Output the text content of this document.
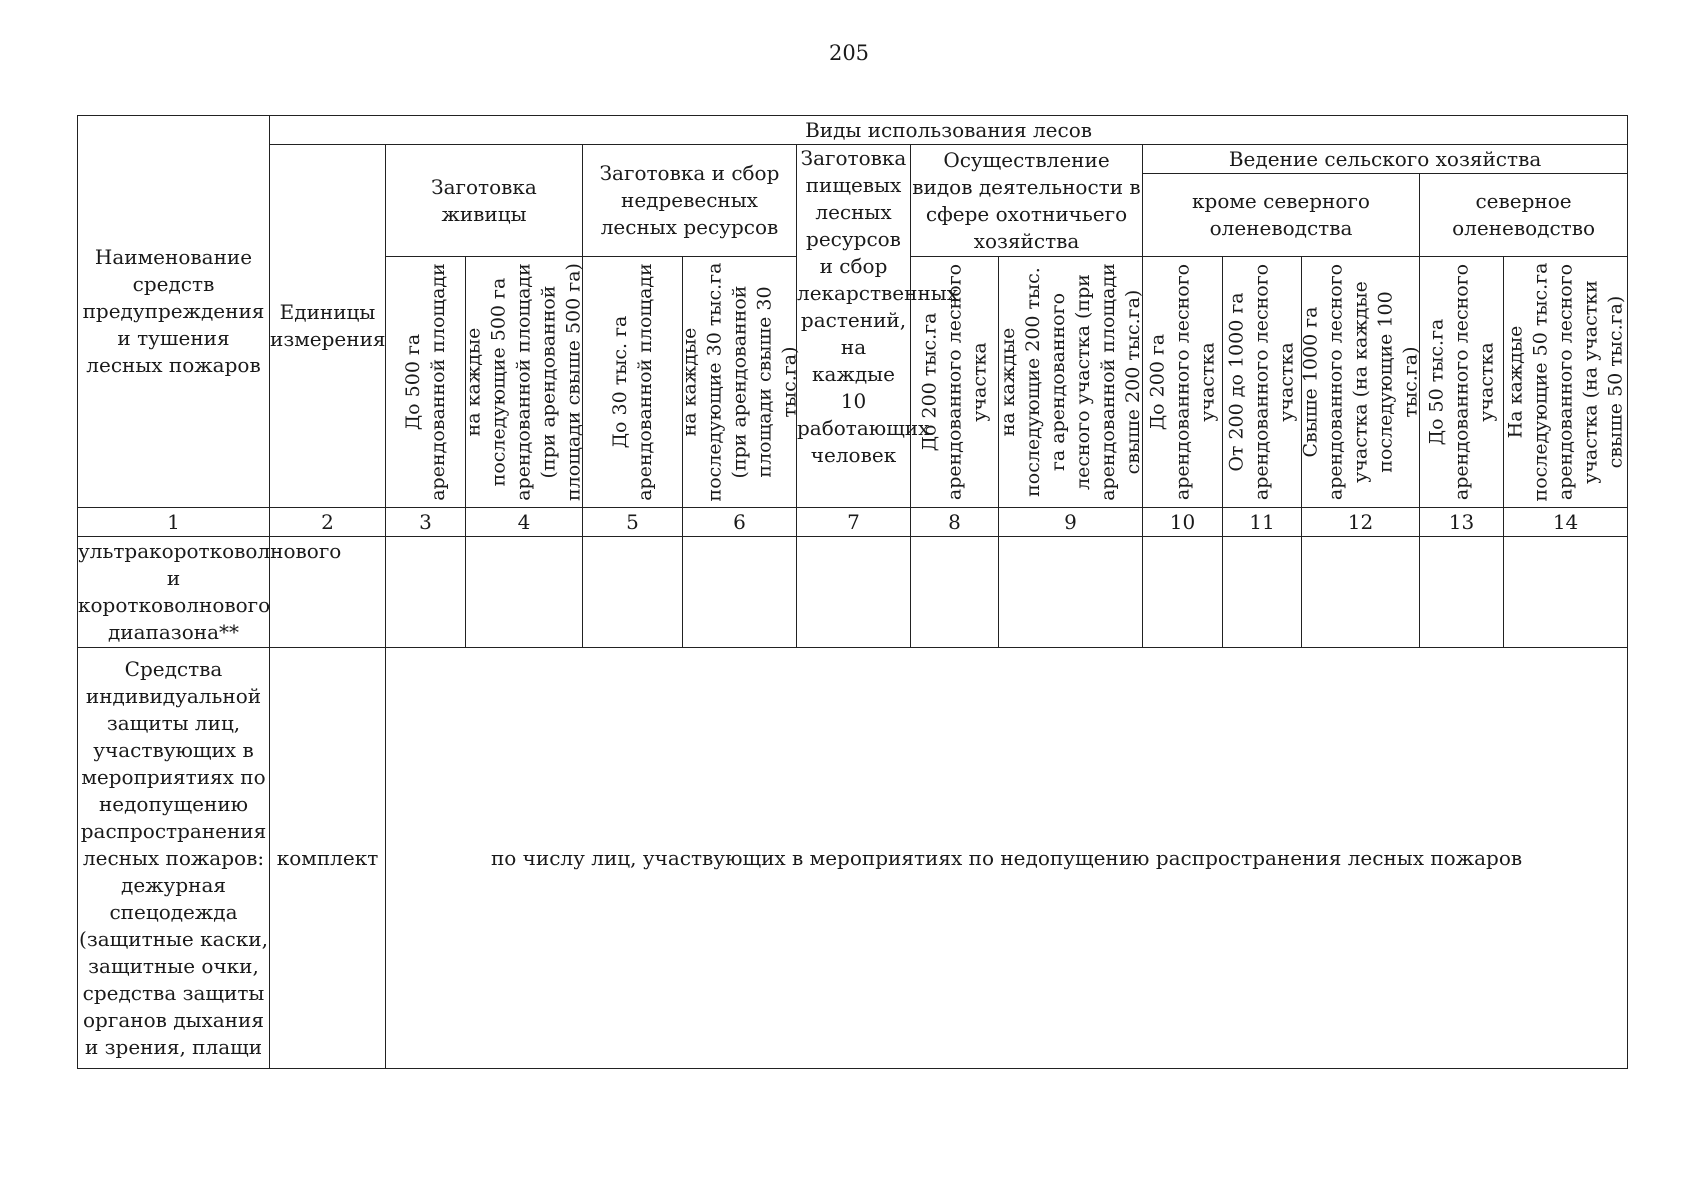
205
Наименование средств предупреждения и тушения лесных пожаров	Виды использования лесов												
	Единицы измерения	Заготовка живицы		Заготовка и сбор недревесных лесных ресурсов		Заготовка пищевых лесных ресурсов и сбор лекарственных растений, на каждые 10 работающих человек	Осуществление видов деятельности в сфере охотничьего хозяйства		Ведение сельского хозяйства				
									кроме северного оленеводства			северное оленеводство	

		До 500 га арендованной площади	на каждые последующие 500 га арендованной площади (при арендованной площади свыше 500 га)	До 30 тыс. га арендованной площади	на каждые последующие 30 тыс.га (при арендованной площади свыше 30 тыс.га)		До 200 тыс.га арендованного лесного участка	на каждые последующие 200 тыс. га арендованного лесного участка (при арендованной площади свыше 200 тыс.га)	До 200 га арендованного лесного участка	От 200 до 1000 га арендованного лесного участка	Свыше 1000 га арендованного лесного участка (на каждые последующие 100 тыс.га)	До 50 тыс.га арендованного лесного участка	На каждые последующие 50 тыс.га арендованного лесного участка (на участки свыше 50 тыс.га)

1	2	3	4	5	6	7	8	9	10	11	12	13	14
ультракоротковолнового и коротковолнового диапазона**													
Средства индивидуальной защиты лиц, участвующих в мероприятиях по недопущению распространения лесных пожаров: дежурная спецодежда (защитные каски, защитные очки, средства защиты органов дыхания и зрения, плащи	комплект	по числу лиц, участвующих в мероприятиях по недопущению распространения лесных пожаров											
